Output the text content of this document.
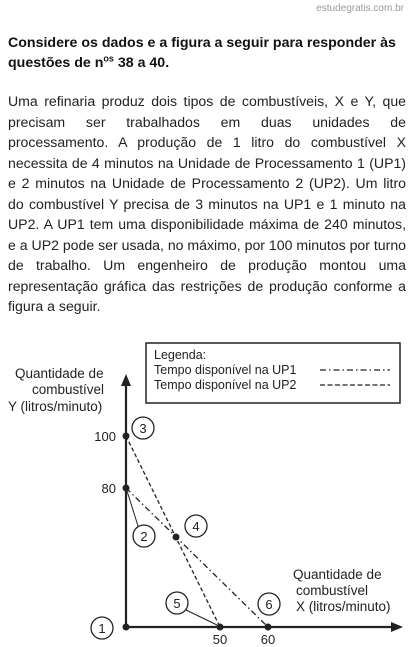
estudegratis.com.br
Considere os dados e a figura a seguir para responder às questões de $n^{os}$ 38 a 40.
Uma refinaria produz dois tipos de combustíveis, X e Y, que precisam ser trabalhados em duas unidades de processamento. A produção de 1 litro do combustível X necessita de 4 minutos na Unidade de Processamento 1 (UP1) e 2 minutos na Unidade de Processamento 2 (UP2). Um litro do combustível Y precisa de 3 minutos na UP1 e 1 minuto na UP2. A UP1 tem uma disponibilidade máxima de 240 minutos, e a UP2 pode ser usada, no máximo, por 100 minutos por turno de trabalho. Um engenheiro de produção montou uma representação gráfica das restrições de produção conforme a figura a seguir.
Legenda:
Tempo disponível na UP1
Tempo disponível na UP2
Quantidade de
combustível
Y (litros/minuto)
Quantidade de
combustível
X (litros/minuto)
100
80
50	60
1
2
3
4
5	6
